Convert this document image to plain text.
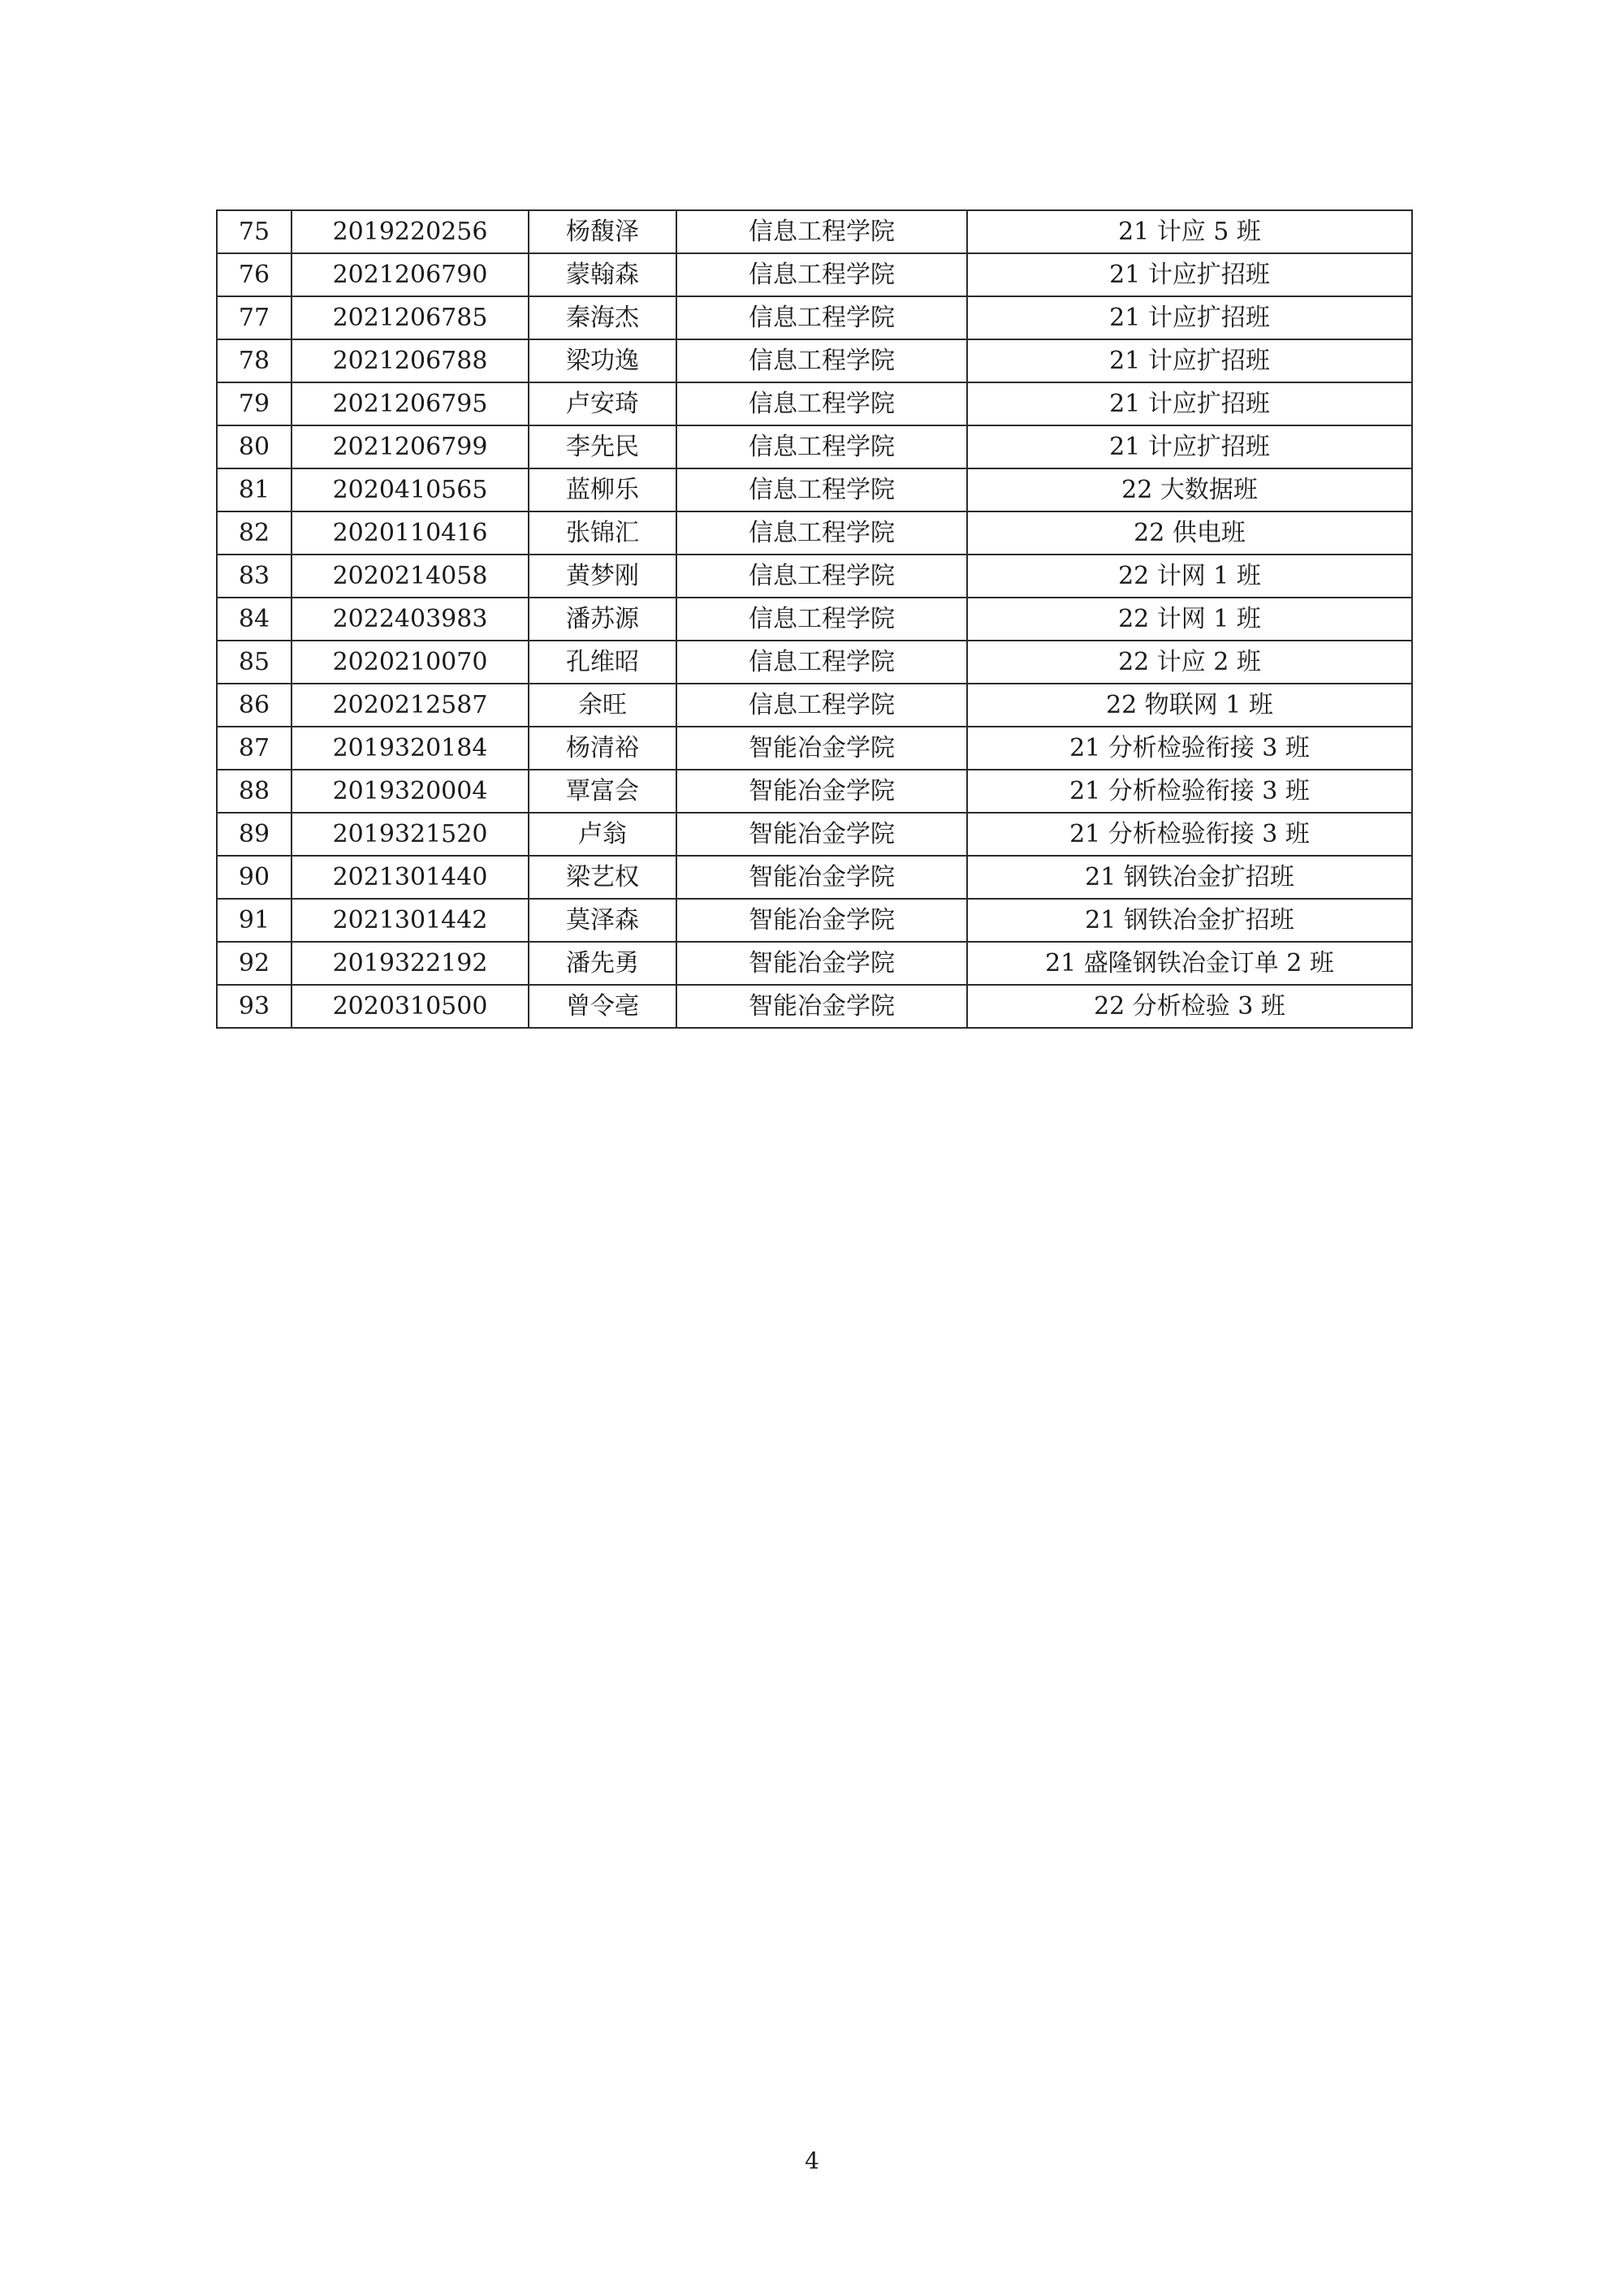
75	2019220256	杨馥泽	信息工程学院	21 计应 5 班
76	2021206790	蒙翰森	信息工程学院	21 计应扩招班
77	2021206785	秦海杰	信息工程学院	21 计应扩招班
78	2021206788	梁功逸	信息工程学院	21 计应扩招班
79	2021206795	卢安琦	信息工程学院	21 计应扩招班
80	2021206799	李先民	信息工程学院	21 计应扩招班
81	2020410565	蓝柳乐	信息工程学院	22 大数据班
82	2020110416	张锦汇	信息工程学院	22 供电班
83	2020214058	黄梦刚	信息工程学院	22 计网 1 班
84	2022403983	潘苏源	信息工程学院	22 计网 1 班
85	2020210070	孔维昭	信息工程学院	22 计应 2 班
86	2020212587	余旺	信息工程学院	22 物联网 1 班
87	2019320184	杨清裕	智能冶金学院	21 分析检验衔接 3 班
88	2019320004	覃富会	智能冶金学院	21 分析检验衔接 3 班
89	2019321520	卢翁	智能冶金学院	21 分析检验衔接 3 班
90	2021301440	梁艺权	智能冶金学院	21 钢铁冶金扩招班
91	2021301442	莫泽森	智能冶金学院	21 钢铁冶金扩招班
92	2019322192	潘先勇	智能冶金学院	21 盛隆钢铁冶金订单 2 班
93	2020310500	曾令亳	智能冶金学院	22 分析检验 3 班
4
